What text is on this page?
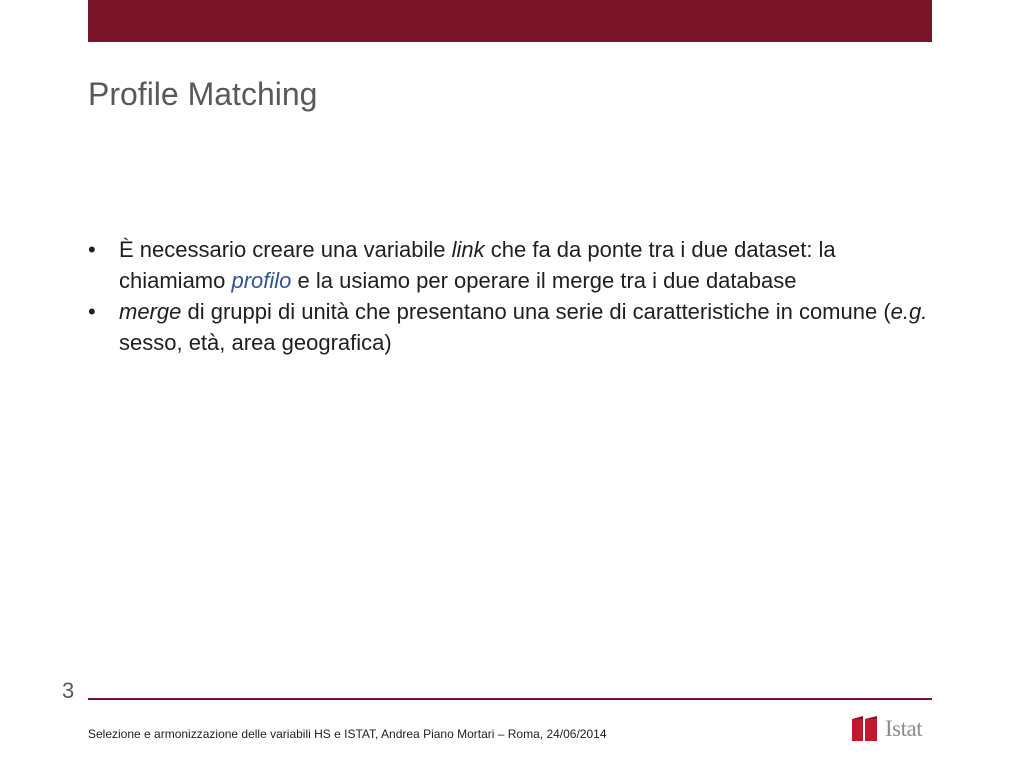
Profile Matching
• È necessario creare una variabile link che fa da ponte tra i due dataset: la chiamiamo profilo e la usiamo per operare il merge tra i due database
• merge di gruppi di unità che presentano una serie di caratteristiche in comune (e.g. sesso, età, area geografica)
3
Selezione e armonizzazione delle variabili HS e ISTAT, Andrea Piano Mortari – Roma, 24/06/2014	Istat
